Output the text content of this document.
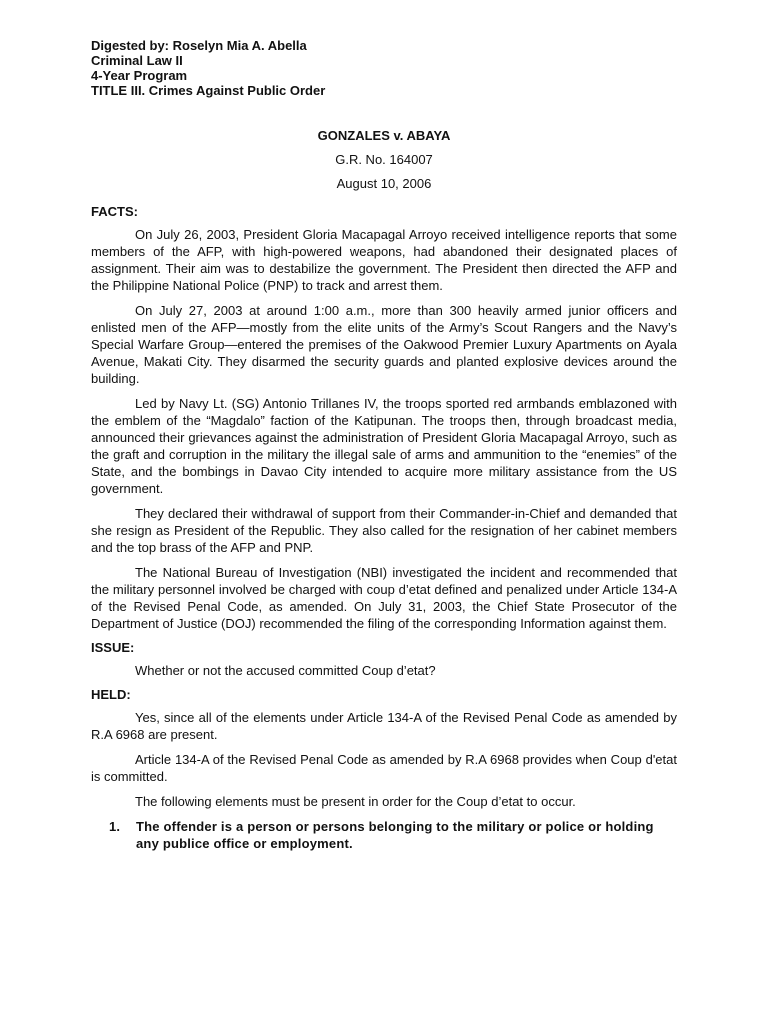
Digested by: Roselyn Mia A. Abella

Criminal Law II

4-Year Program

TITLE III. Crimes Against Public Order

GONZALES v. ABAYA

G.R. No. 164007

August 10, 2006

FACTS:

On July 26, 2003, President Gloria Macapagal Arroyo received intelligence reports that some members of the AFP, with high-powered weapons, had abandoned their designated places of assignment. Their aim was to destabilize the government. The President then directed the AFP and the Philippine National Police (PNP) to track and arrest them.

On July 27, 2003 at around 1:00 a.m., more than 300 heavily armed junior officers and enlisted men of the AFP—mostly from the elite units of the Army’s Scout Rangers and the Navy’s Special Warfare Group—entered the premises of the Oakwood Premier Luxury Apartments on Ayala Avenue, Makati City. They disarmed the security guards and planted explosive devices around the building.

Led by Navy Lt. (SG) Antonio Trillanes IV, the troops sported red armbands emblazoned with the emblem of the “Magdalo” faction of the Katipunan. The troops then, through broadcast media, announced their grievances against the administration of President Gloria Macapagal Arroyo, such as the graft and corruption in the military the illegal sale of arms and ammunition to the “enemies” of the State, and the bombings in Davao City intended to acquire more military assistance from the US government.

They declared their withdrawal of support from their Commander-in-Chief and demanded that she resign as President of the Republic. They also called for the resignation of her cabinet members and the top brass of the AFP and PNP.

The National Bureau of Investigation (NBI) investigated the incident and recommended that the military personnel involved be charged with coup d’etat defined and penalized under Article 134-A of the Revised Penal Code, as amended. On July 31, 2003, the Chief State Prosecutor of the Department of Justice (DOJ) recommended the filing of the corresponding Information against them.

ISSUE:

Whether or not the accused committed Coup d’etat?

HELD:

Yes, since all of the elements under Article 134-A of the Revised Penal Code as amended by R.A 6968 are present.

Article 134-A of the Revised Penal Code as amended by R.A 6968 provides when Coup d'etat is committed.

The following elements must be present in order for the Coup d’etat to occur.

1.	The offender is a person or persons belonging to the military or police or holding any publice office or employment.
